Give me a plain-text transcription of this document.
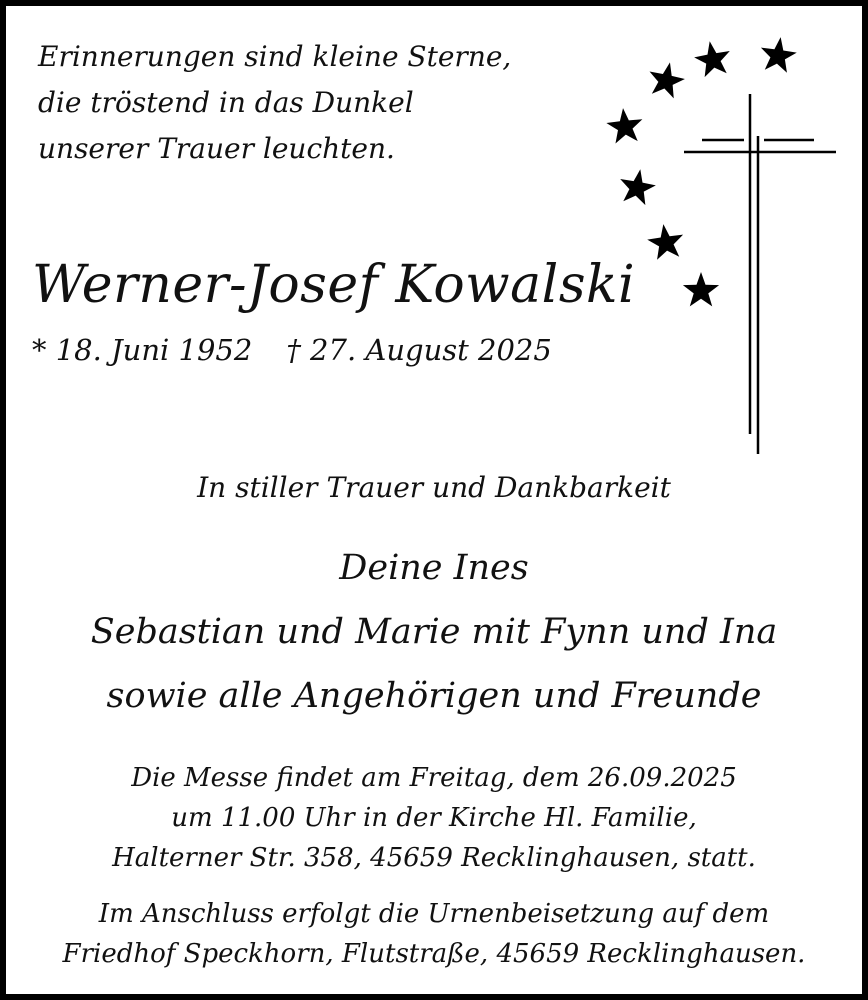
Erinnerungen sind kleine Sterne,
die tröstend in das Dunkel
unserer Trauer leuchten.
Werner-Josef Kowalski
* 18. Juni 1952 † 27. August 2025
In stiller Trauer und Dankbarkeit
Deine Ines
Sebastian und Marie mit Fynn und Ina
sowie alle Angehörigen und Freunde
Die Messe findet am Freitag, dem 26.09.2025
um 11.00 Uhr in der Kirche Hl. Familie,
Halterner Str. 358, 45659 Recklinghausen, statt.
Im Anschluss erfolgt die Urnenbeisetzung auf dem
Friedhof Speckhorn, Flutstraße, 45659 Recklinghausen.
